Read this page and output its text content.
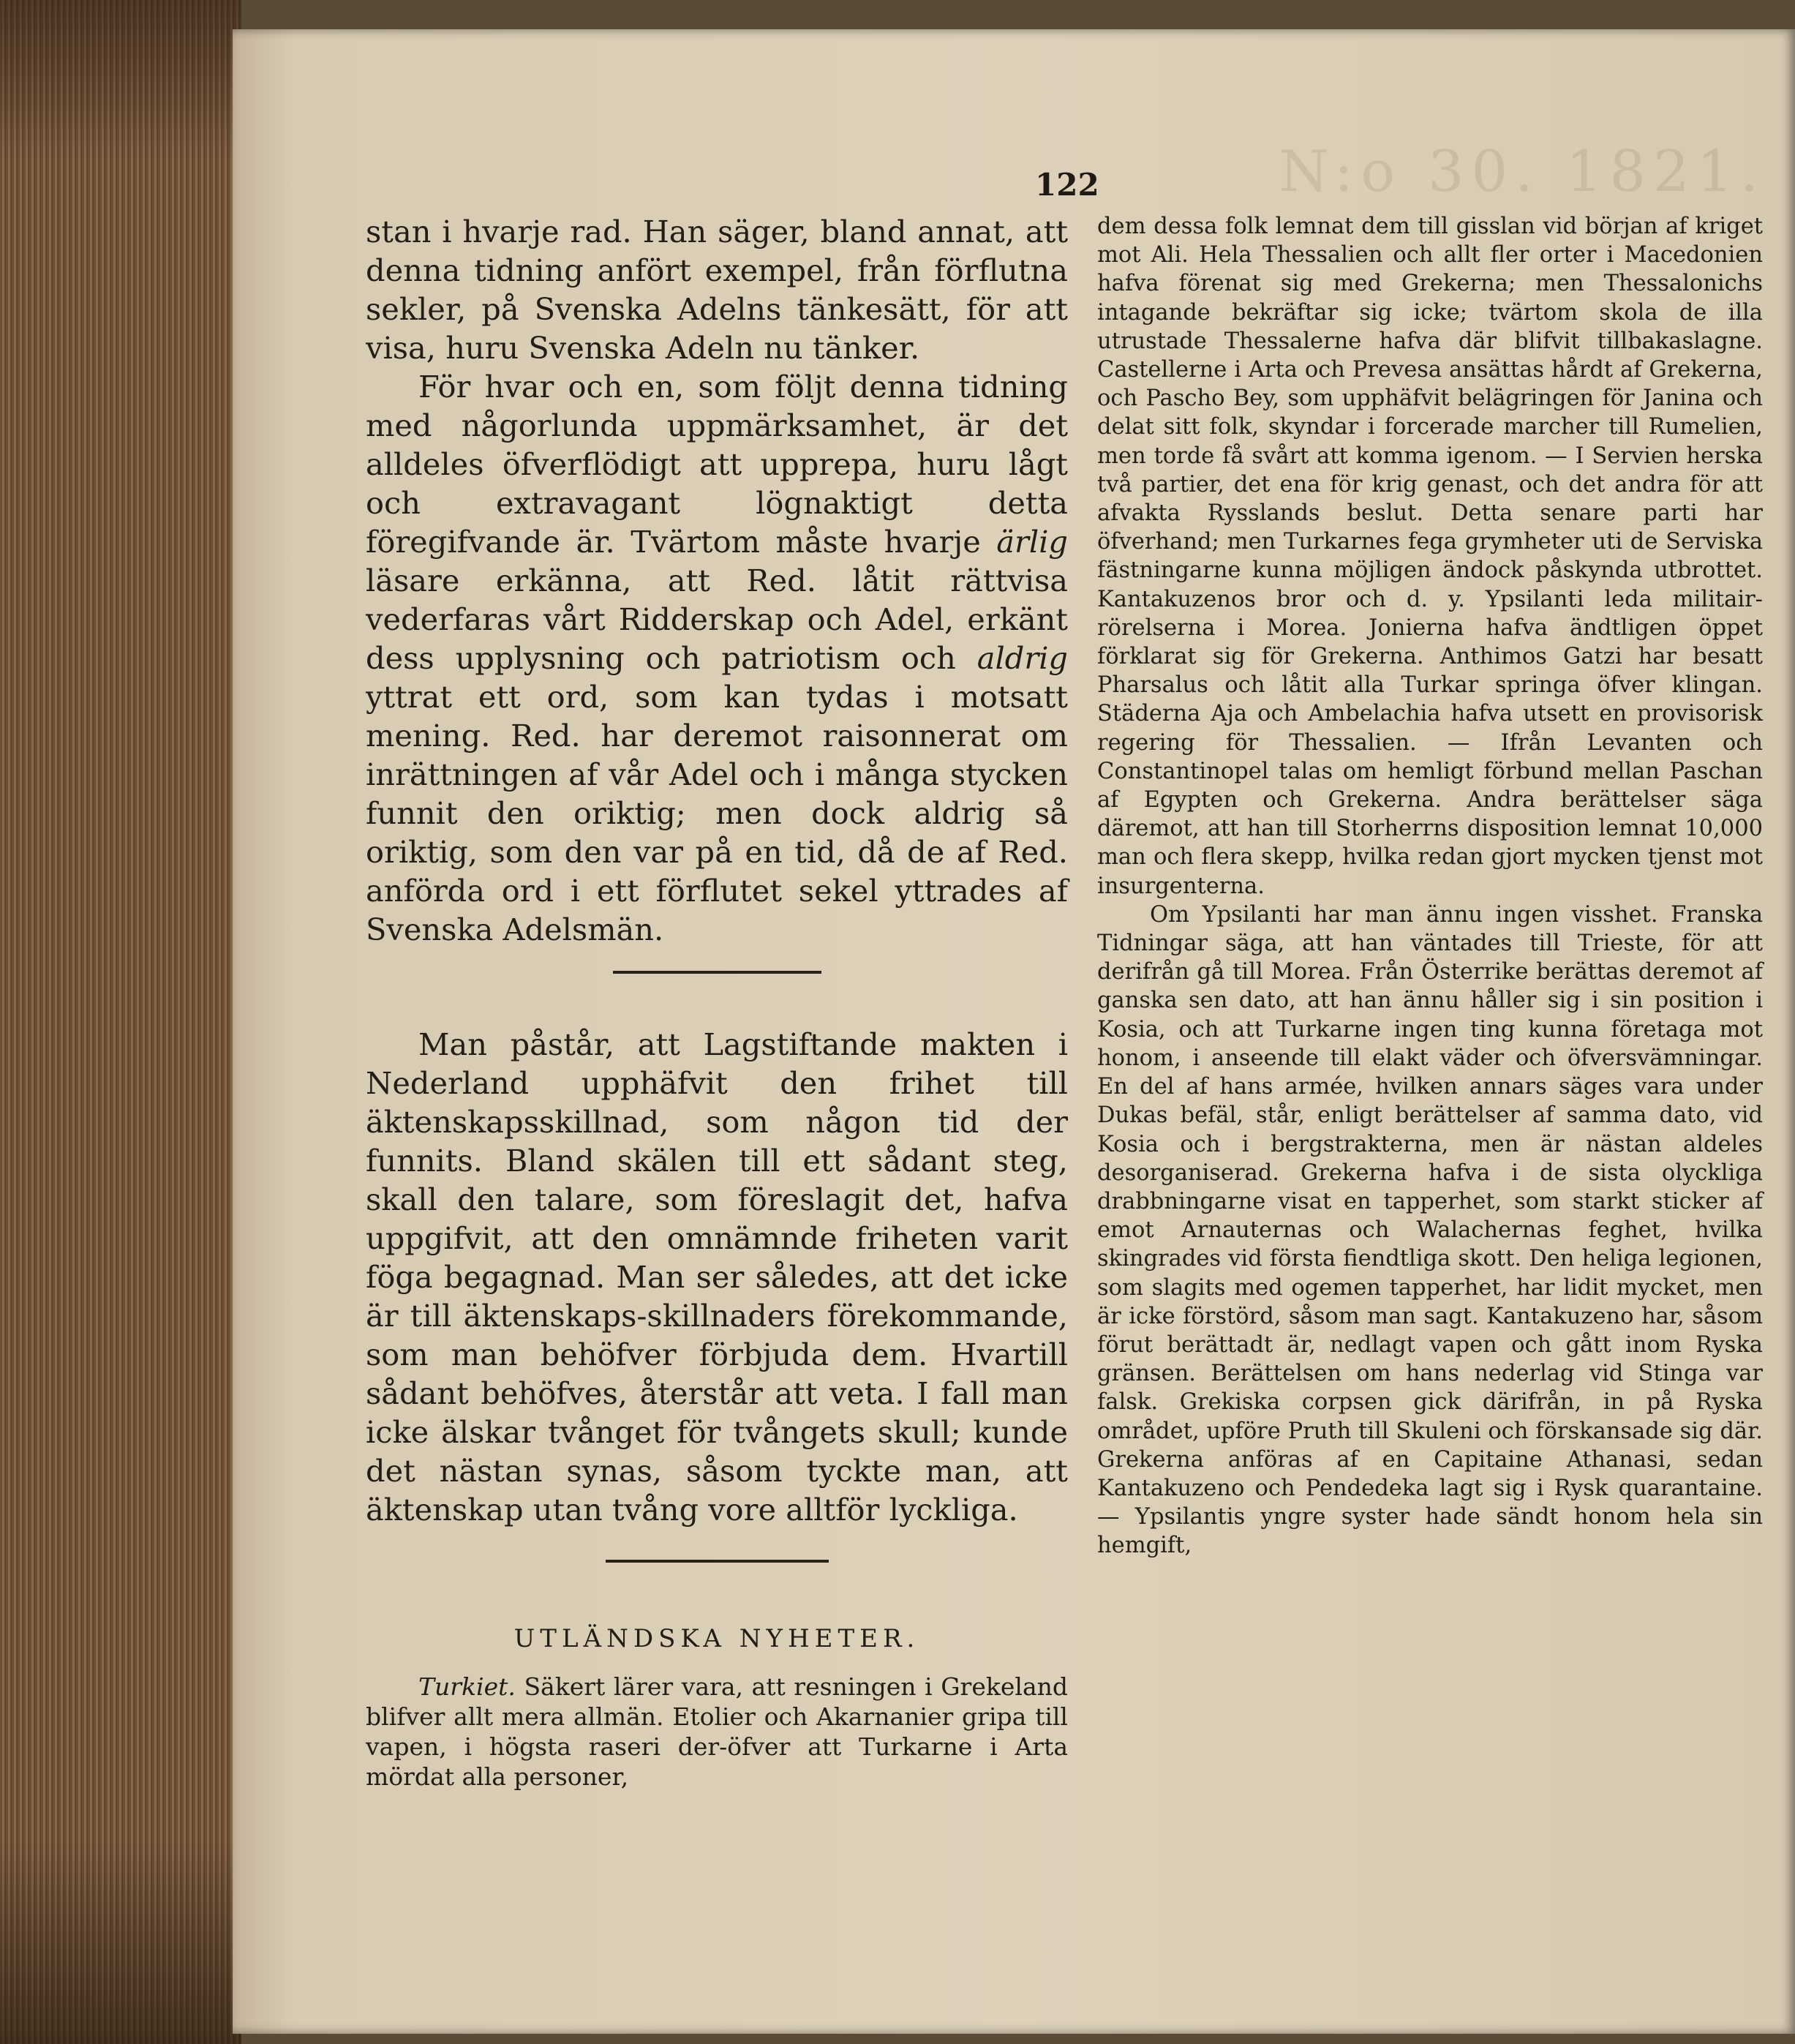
N:o 30. 1821.
122

stan i hvarje rad. Han säger, bland annat, att denna tidning anfört exempel, från förflutna sekler, på Svenska Adelns tänkesätt, för att visa, huru Svenska Adeln nu tänker.

För hvar och en, som följt denna tidning med någorlunda uppmärksamhet, är det alldeles öfverflödigt att upprepa, huru lågt och extravagant lögnaktigt detta föregifvande är. Tvärtom måste hvarje ärlig läsare erkänna, att Red. låtit rättvisa vederfaras vårt Ridderskap och Adel, erkänt dess upplysning och patriotism och aldrig yttrat ett ord, som kan tydas i motsatt mening. Red. har deremot raisonnerat om inrättningen af vår Adel och i många stycken funnit den oriktig; men dock aldrig så oriktig, som den var på en tid, då de af Red. anförda ord i ett förflutet sekel yttrades af Svenska Adelsmän.

Man påstår, att Lagstiftande makten i Nederland upphäfvit den frihet till äktenskapsskillnad, som någon tid der funnits. Bland skälen till ett sådant steg, skall den talare, som föreslagit det, hafva uppgifvit, att den omnämnde friheten varit föga begagnad. Man ser således, att det icke är till äktenskaps-skillnaders förekommande, som man behöfver förbjuda dem. Hvartill sådant behöfves, återstår att veta. I fall man icke älskar tvånget för tvångets skull; kunde det nästan synas, såsom tyckte man, att äktenskap utan tvång vore alltför lyckliga.

UTLÄNDSKA NYHETER.

Turkiet. Säkert lärer vara, att resningen i Grekeland blifver allt mera allmän. Etolier och Akarnanier gripa till vapen, i högsta raseri der-öfver att Turkarne i Arta mördat alla personer,

dem dessa folk lemnat dem till gisslan vid början af kriget mot Ali. Hela Thessalien och allt fler orter i Macedonien hafva förenat sig med Grekerna; men Thessalonichs intagande bekräftar sig icke; tvärtom skola de illa utrustade Thessalerne hafva där blifvit tillbakaslagne. Castellerne i Arta och Prevesa ansättas hårdt af Grekerna, och Pascho Bey, som upphäfvit belägringen för Janina och delat sitt folk, skyndar i forcerade marcher till Rumelien, men torde få svårt att komma igenom. — I Servien herska två partier, det ena för krig genast, och det andra för att afvakta Rysslands beslut. Detta senare parti har öfverhand; men Turkarnes fega grymheter uti de Serviska fästningarne kunna möjligen ändock påskynda utbrottet. Kantakuzenos bror och d. y. Ypsilanti leda militair-rörelserna i Morea. Jonierna hafva ändtligen öppet förklarat sig för Grekerna. Anthimos Gatzi har besatt Pharsalus och låtit alla Turkar springa öfver klingan. Städerna Aja och Ambelachia hafva utsett en provisorisk regering för Thessalien. — Ifrån Levanten och Constantinopel talas om hemligt förbund mellan Paschan af Egypten och Grekerna. Andra berättelser säga däremot, att han till Storherrns disposition lemnat 10,000 man och flera skepp, hvilka redan gjort mycken tjenst mot insurgenterna.

Om Ypsilanti har man ännu ingen visshet. Franska Tidningar säga, att han väntades till Trieste, för att derifrån gå till Morea. Från Österrike berättas deremot af ganska sen dato, att han ännu håller sig i sin position i Kosia, och att Turkarne ingen ting kunna företaga mot honom, i anseende till elakt väder och öfversvämningar. En del af hans armée, hvilken annars säges vara under Dukas befäl, står, enligt berättelser af samma dato, vid Kosia och i bergstrakterna, men är nästan aldeles desorganiserad. Grekerna hafva i de sista olyckliga drabbningarne visat en tapperhet, som starkt sticker af emot Arnauternas och Walachernas feghet, hvilka skingrades vid första fiendtliga skott. Den heliga legionen, som slagits med ogemen tapperhet, har lidit mycket, men är icke förstörd, såsom man sagt. Kantakuzeno har, såsom förut berättadt är, nedlagt vapen och gått inom Ryska gränsen. Berättelsen om hans nederlag vid Stinga var falsk. Grekiska corpsen gick därifrån, in på Ryska området, upföre Pruth till Skuleni och förskansade sig där. Grekerna anföras af en Capitaine Athanasi, sedan Kantakuzeno och Pendedeka lagt sig i Rysk quarantaine. — Ypsilantis yngre syster hade sändt honom hela sin hemgift,
